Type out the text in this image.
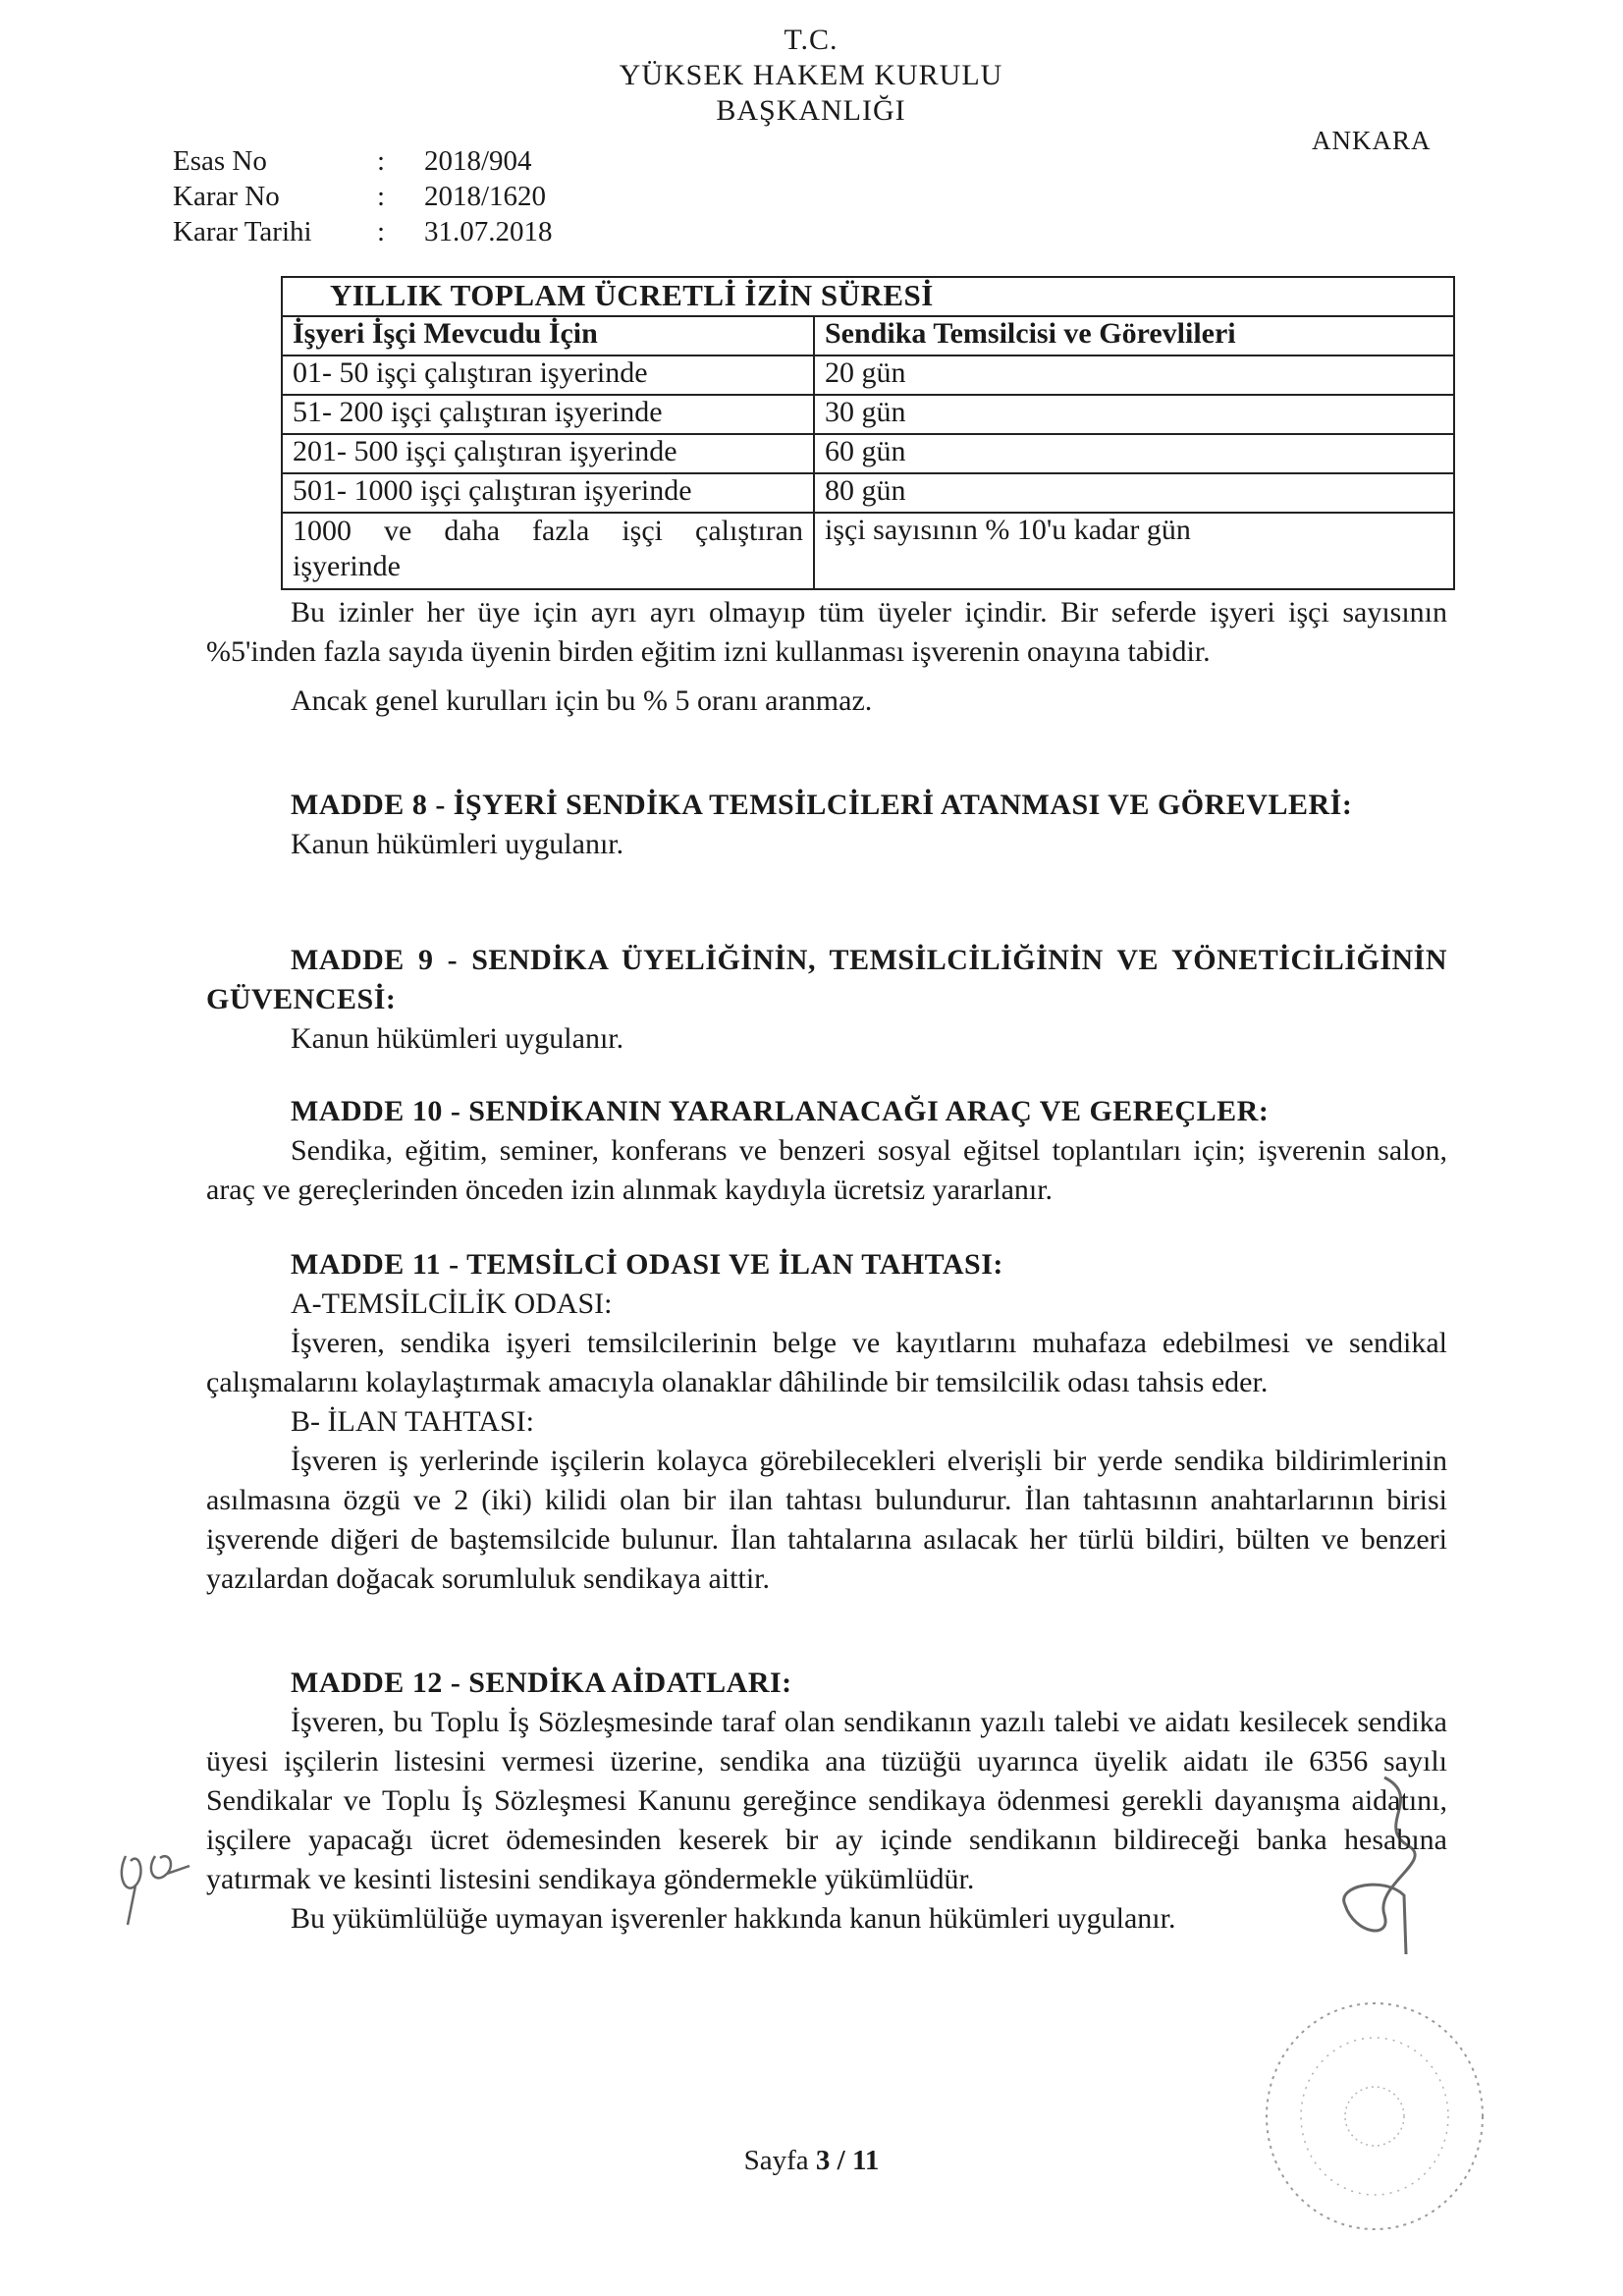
T.C.
YÜKSEK HAKEM KURULU
BAŞKANLIĞI
ANKARA
Esas No	:	2018/904
Karar No	:	2018/1620
Karar Tarihi	:	31.07.2018
YILLIK TOPLAM ÜCRETLİ İZİN SÜRESİ	
İşyeri İşçi Mevcudu İçin	Sendika Temsilcisi ve Görevlileri
01- 50 işçi çalıştıran işyerinde	20 gün
51- 200 işçi çalıştıran işyerinde	30 gün
201- 500 işçi çalıştıran işyerinde	60 gün
501- 1000 işçi çalıştıran işyerinde	80 gün

1000 ve daha fazla işçi çalıştıran
işyerinde	işçi sayısının % 10'u kadar gün

Bu izinler her üye için ayrı ayrı olmayıp tüm üyeler içindir. Bir seferde işyeri işçi sayısının %5'inden fazla sayıda üyenin birden eğitim izni kullanması işverenin onayına tabidir.

Ancak genel kurulları için bu % 5 oranı aranmaz.

MADDE 8 - İŞYERİ SENDİKA TEMSİLCİLERİ ATANMASI VE GÖREVLERİ:

Kanun hükümleri uygulanır.

MADDE 9 - SENDİKA ÜYELİĞİNİN, TEMSİLCİLİĞİNİN VE YÖNETİCİLİĞİNİN GÜVENCESİ:

Kanun hükümleri uygulanır.

MADDE 10 - SENDİKANIN YARARLANACAĞI ARAÇ VE GEREÇLER:

Sendika, eğitim, seminer, konferans ve benzeri sosyal eğitsel toplantıları için; işverenin salon, araç ve gereçlerinden önceden izin alınmak kaydıyla ücretsiz yararlanır.

MADDE 11 - TEMSİLCİ ODASI VE İLAN TAHTASI:

A-TEMSİLCİLİK ODASI:

İşveren, sendika işyeri temsilcilerinin belge ve kayıtlarını muhafaza edebilmesi ve sendikal çalışmalarını kolaylaştırmak amacıyla olanaklar dâhilinde bir temsilcilik odası tahsis eder.

B- İLAN TAHTASI:

İşveren iş yerlerinde işçilerin kolayca görebilecekleri elverişli bir yerde sendika bildirimlerinin asılmasına özgü ve 2 (iki) kilidi olan bir ilan tahtası bulundurur. İlan tahtasının anahtarlarının birisi işverende diğeri de baştemsilcide bulunur. İlan tahtalarına asılacak her türlü bildiri, bülten ve benzeri yazılardan doğacak sorumluluk sendikaya aittir.

MADDE 12 - SENDİKA AİDATLARI:

İşveren, bu Toplu İş Sözleşmesinde taraf olan sendikanın yazılı talebi ve aidatı kesilecek sendika üyesi işçilerin listesini vermesi üzerine, sendika ana tüzüğü uyarınca üyelik aidatı ile 6356 sayılı Sendikalar ve Toplu İş Sözleşmesi Kanunu gereğince sendikaya ödenmesi gerekli dayanışma aidatını, işçilere yapacağı ücret ödemesinden keserek bir ay içinde sendikanın bildireceği banka hesabına yatırmak ve kesinti listesini sendikaya göndermekle yükümlüdür.

Bu yükümlülüğe uymayan işverenler hakkında kanun hükümleri uygulanır.

Sayfa 3 / 11
